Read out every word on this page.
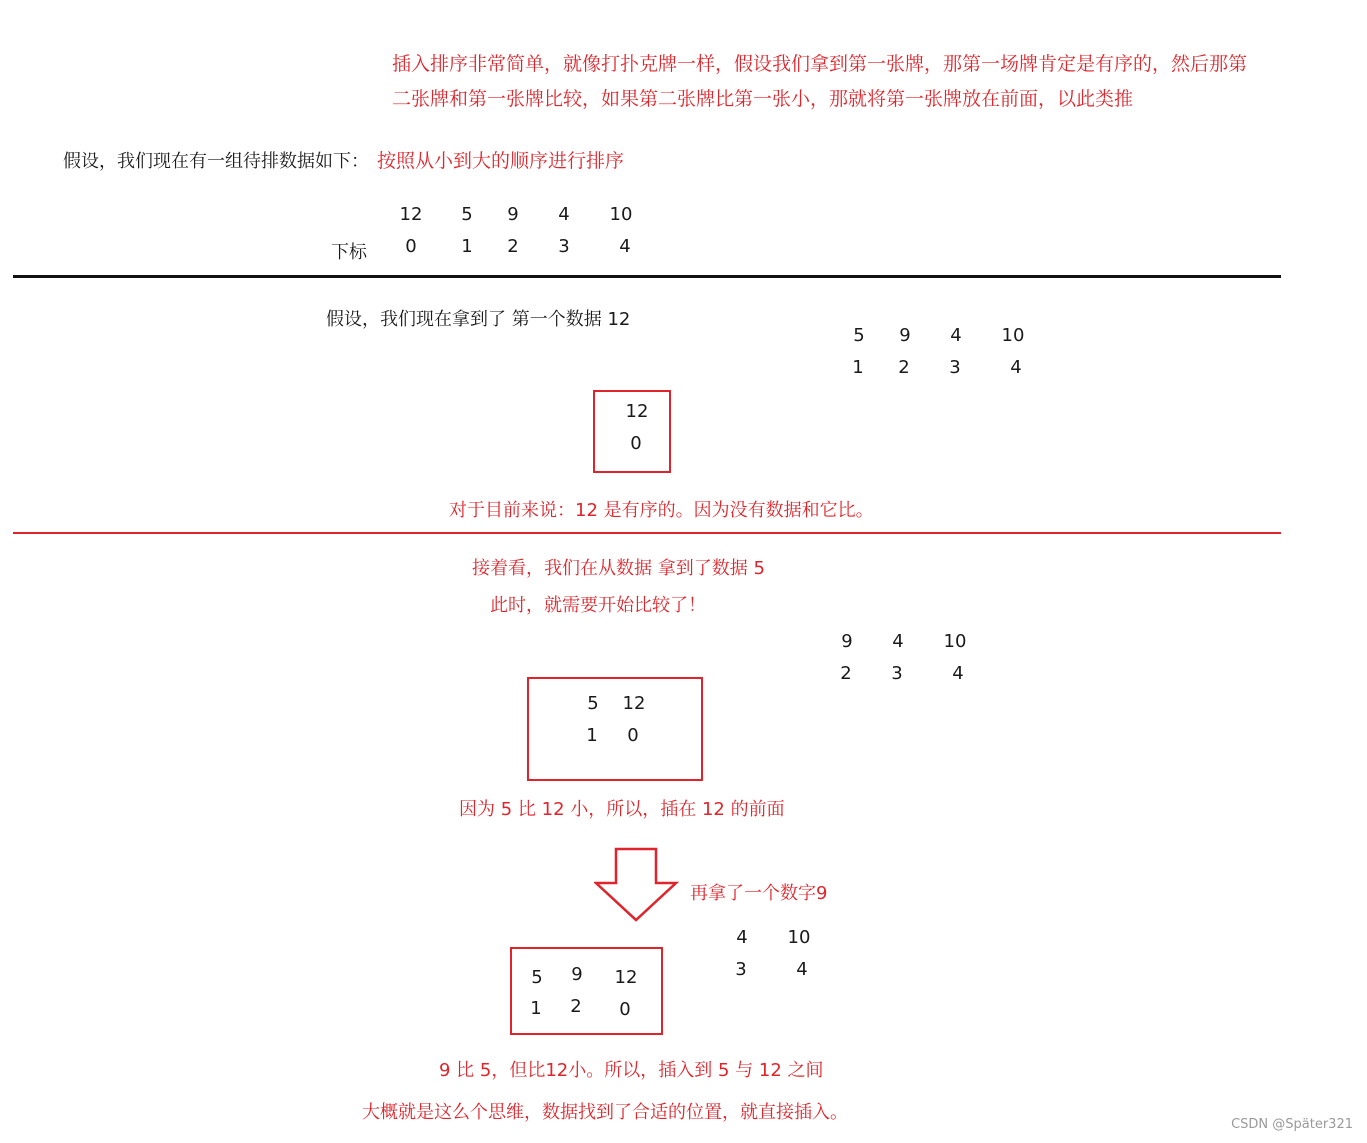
插入排序非常简单，就像打扑克牌一样，假设我们拿到第一张牌，那第一场牌肯定是有序的，然后那第
二张牌和第一张牌比较，如果第二张牌比第一张小，那就将第一张牌放在前面，以此类推
假设，我们现在有一组待排数据如下： 按照从小到大的顺序进行排序
12	5	9	4	10
下标	0	1	2	3	4
假设，我们现在拿到了 第一个数据 12
5	9	4	10
1	2	3	4
12
0
对于目前来说：12 是有序的。因为没有数据和它比。
接着看，我们在从数据 拿到了数据 5
此时，就需要开始比较了！
9	4	10
2	3	4
5	12
1	0
因为 5 比 12 小，所以，插在 12 的前面
再拿了一个数字9
4	10
3	4
5	9	12
1	2	0
9 比 5，但比12小。所以，插入到 5 与 12 之间
大概就是这么个思维，数据找到了合适的位置，就直接插入。
CSDN @Später321
